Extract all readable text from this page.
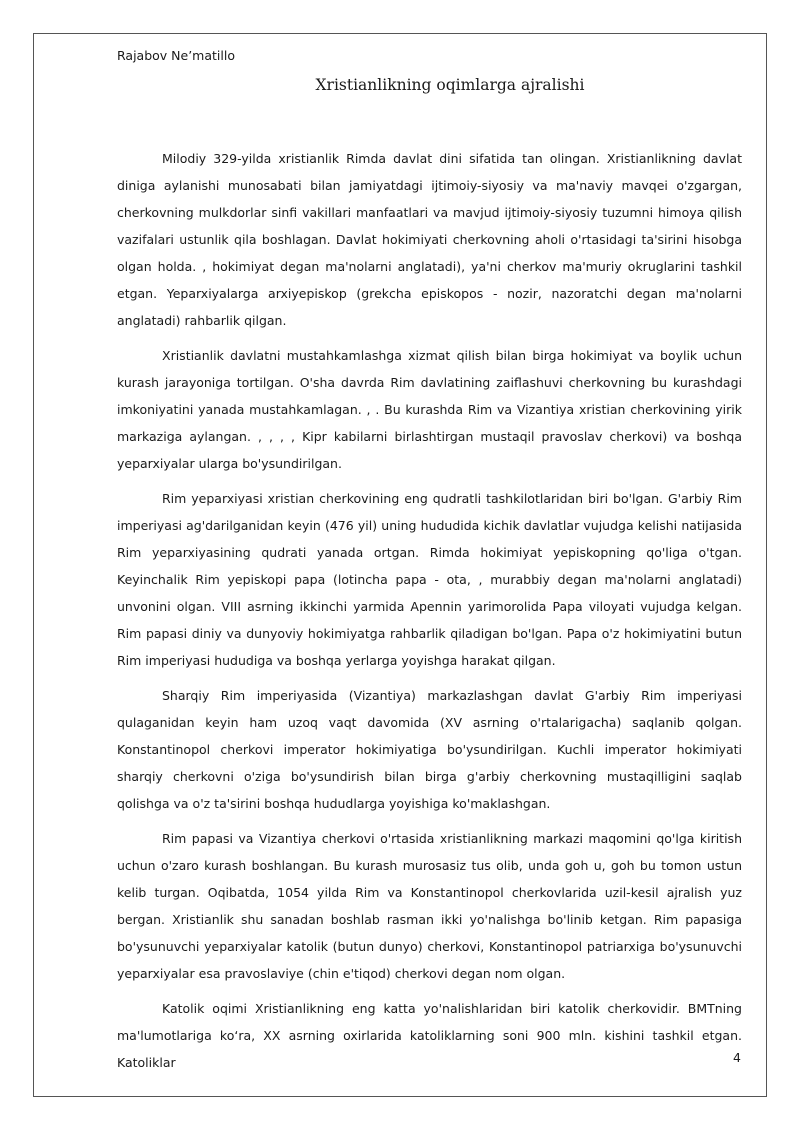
Rajabov Ne’matillo
Xristianlikning oqimlarga ajralishi

Milodiy 329-yilda xristianlik Rimda davlat dini sifatida tan olingan. Xristianlikning davlat diniga aylanishi munosabati bilan jamiyatdagi ijtimoiy-siyosiy va ma'naviy mavqei o'zgargan, cherkovning mulkdorlar sinfi vakillari manfaatlari va mavjud ijtimoiy-siyosiy tuzumni himoya qilish vazifalari ustunlik qila boshlagan. Davlat hokimiyati cherkovning aholi o'rtasidagi ta'sirini hisobga olgan holda. , hokimiyat degan ma'nolarni anglatadi), ya'ni cherkov ma'muriy okruglarini tashkil etgan. Yeparxiyalarga arxiyepiskop (grekcha episkopos - nozir, nazoratchi degan ma'nolarni anglatadi) rahbarlik qilgan.

Xristianlik davlatni mustahkamlashga xizmat qilish bilan birga hokimiyat va boylik uchun kurash jarayoniga tortilgan. O'sha davrda Rim davlatining zaiflashuvi cherkovning bu kurashdagi imkoniyatini yanada mustahkamlagan. , . Bu kurashda Rim va Vizantiya xristian cherkovining yirik markaziga aylangan. , , , , Kipr kabilarni birlashtirgan mustaqil pravoslav cherkovi) va boshqa yeparxiyalar ularga bo'ysundirilgan.

Rim yeparxiyasi xristian cherkovining eng qudratli tashkilotlaridan biri bo'lgan. G'arbiy Rim imperiyasi ag'darilganidan keyin (476 yil) uning hududida kichik davlatlar vujudga kelishi natijasida Rim yeparxiyasining qudrati yanada ortgan. Rimda hokimiyat yepiskopning qo'liga o'tgan. Keyinchalik Rim yepiskopi papa (lotincha papa - ota, , murabbiy degan ma'nolarni anglatadi) unvonini olgan. VIII asrning ikkinchi yarmida Apennin yarimorolida Papa viloyati vujudga kelgan. Rim papasi diniy va dunyoviy hokimiyatga rahbarlik qiladigan bo'lgan. Papa o'z hokimiyatini butun Rim imperiyasi hududiga va boshqa yerlarga yoyishga harakat qilgan.

Sharqiy Rim imperiyasida (Vizantiya) markazlashgan davlat G'arbiy Rim imperiyasi qulaganidan keyin ham uzoq vaqt davomida (XV asrning o'rtalarigacha) saqlanib qolgan. Konstantinopol cherkovi imperator hokimiyatiga bo'ysundirilgan. Kuchli imperator hokimiyati sharqiy cherkovni o'ziga bo'ysundirish bilan birga g'arbiy cherkovning mustaqilligini saqlab qolishga va o'z ta'sirini boshqa hududlarga yoyishiga ko'maklashgan.

Rim papasi va Vizantiya cherkovi o'rtasida xristianlikning markazi maqomini qo'lga kiritish uchun o'zaro kurash boshlangan. Bu kurash murosasiz tus olib, unda goh u, goh bu tomon ustun kelib turgan. Oqibatda, 1054 yilda Rim va Konstantinopol cherkovlarida uzil-kesil ajralish yuz bergan. Xristianlik shu sanadan boshlab rasman ikki yo'nalishga bo'linib ketgan. Rim papasiga bo'ysunuvchi yeparxiyalar katolik (butun dunyo) cherkovi, Konstantinopol patriarxiga bo'ysunuvchi yeparxiyalar esa pravoslaviye (chin e'tiqod) cherkovi degan nom olgan.

Katolik oqimi Xristianlikning eng katta yo'nalishlaridan biri katolik cherkovidir. BMTning ma'lumotlariga ko‘ra, XX asrning oxirlarida katoliklarning soni 900 mln. kishini tashkil etgan. Katoliklar	4
